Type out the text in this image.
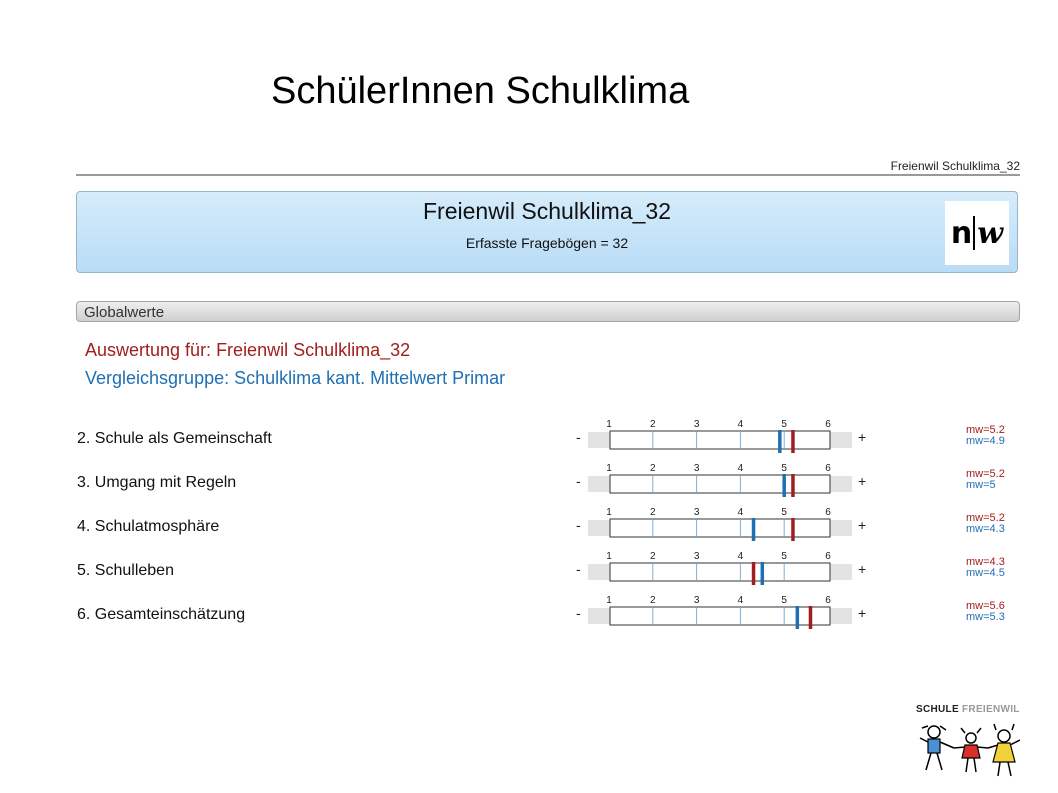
SchülerInnen Schulklima
Freienwil Schulklima_32
Freienwil Schulklima_32
Erfasste Fragebögen = 32	n w
Globalwerte
Auswertung für: Freienwil Schulklima_32
Vergleichsgruppe: Schulklima kant. Mittelwert Primar
2. Schule als Gemeinschaft	-	+
1	2	3	4	5	6	mw=5.2
mw=4.9
3. Umgang mit Regeln	-	+
1	2	3	4	5	6	mw=5.2
mw=5
4. Schulatmosphäre	-	+
1	2	3	4	5	6	mw=5.2
mw=4.3
5. Schulleben	-	+
1	2	3	4	5	6	mw=4.3
mw=4.5
6. Gesamteinschätzung	-	+
1	2	3	4	5	6	mw=5.6
mw=5.3
SCHULE FREIENWIL
